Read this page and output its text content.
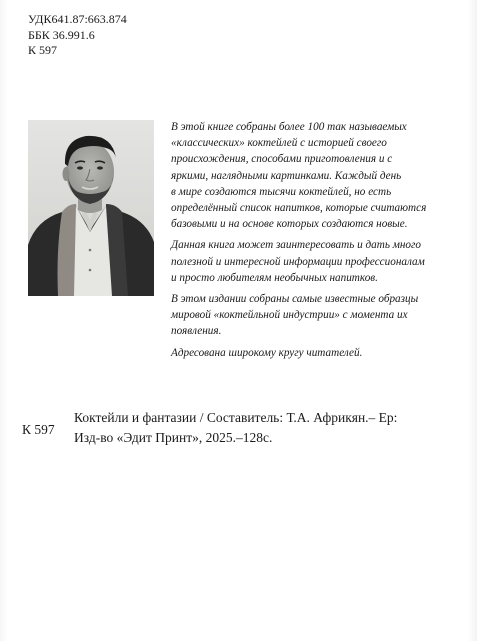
УДК641.87:663.874
ББК 36.991.6
К 597

В этой книге собраны более 100 так называемых
«классических» коктейлей с историей своего
происхождения, способами приготовления и с
яркими, наглядными картинками. Каждый день
в мире создаются тысячи коктейлей, но есть
определённый список напитков, которые считаются
базовыми и на основе которых создаются новые.

Данная книга может заинтересовать и дать много
полезной и интересной информации профессионалам
и просто любителям необычных напитков.

В этом издании собраны самые известные образцы
мировой «коктейльной индустрии» с момента их
появления.

Адресована широкому кругу читателей.

К 597
Коктейли и фантазии / Составитель: Т.А. Африкян.– Ер:
Изд-во «Эдит Принт», 2025.–128с.
